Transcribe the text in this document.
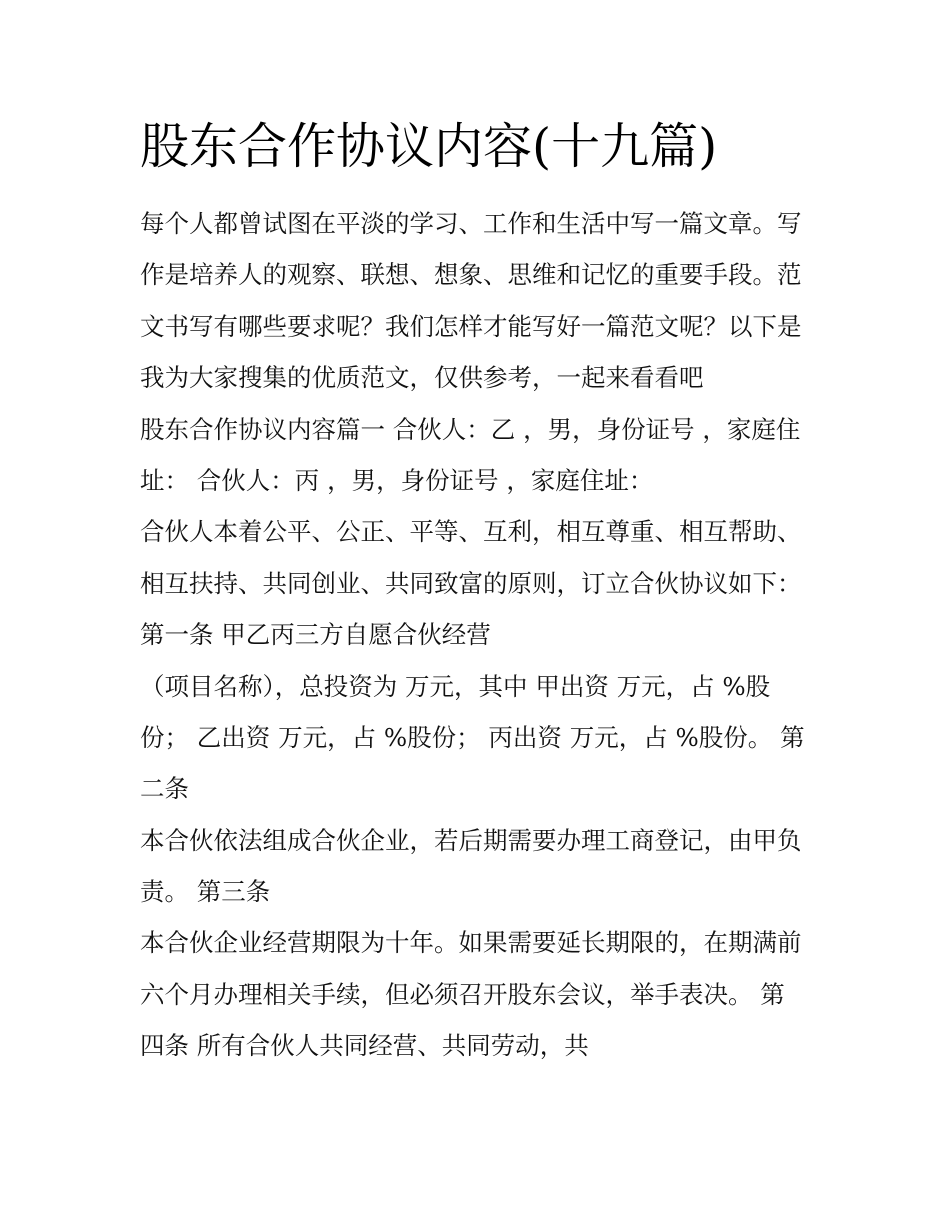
股东合作协议内容(十九篇)
每个人都曾试图在平淡的学习、工作和生活中写一篇文章。写
作是培养人的观察、联想、想象、思维和记忆的重要手段。范
文书写有哪些要求呢？我们怎样才能写好一篇范文呢？以下是
我为大家搜集的优质范文，仅供参考，一起来看看吧
股东合作协议内容篇一 合伙人：乙 ，男，身份证号 ，家庭住
址： 合伙人：丙 ，男，身份证号 ，家庭住址：
合伙人本着公平、公正、平等、互利，相互尊重、相互帮助、
相互扶持、共同创业、共同致富的原则，订立合伙协议如下：
第一条 甲乙丙三方自愿合伙经营
（项目名称），总投资为 万元，其中 甲出资 万元，占 %股
份； 乙出资 万元，占 %股份； 丙出资 万元，占 %股份。 第
二条
本合伙依法组成合伙企业，若后期需要办理工商登记，由甲负
责。 第三条
本合伙企业经营期限为十年。如果需要延长期限的，在期满前
六个月办理相关手续，但必须召开股东会议，举手表决。 第
四条 所有合伙人共同经营、共同劳动，共
